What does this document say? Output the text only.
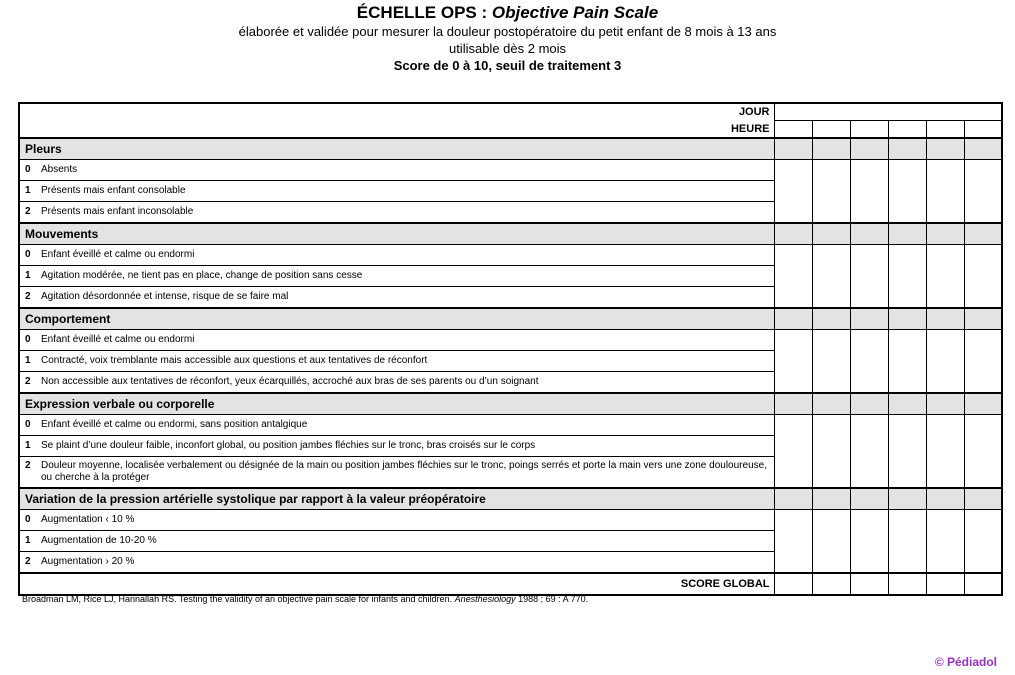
ÉCHELLE OPS : Objective Pain Scale
élaborée et validée pour mesurer la douleur postopératoire du petit enfant de 8 mois à 13 ans
utilisable dès 2 mois
Score de 0 à 10, seuil de traitement 3
JOUR						
HEURE						
Pleurs						
0 Absents						
1 Présents mais enfant consolable						
2 Présents mais enfant inconsolable						
Mouvements						
0 Enfant éveillé et calme ou endormi						
1 Agitation modérée, ne tient pas en place, change de position sans cesse						
2 Agitation désordonnée et intense, risque de se faire mal						
Comportement						
0 Enfant éveillé et calme ou endormi						
1 Contracté, voix tremblante mais accessible aux questions et aux tentatives de réconfort						
2 Non accessible aux tentatives de réconfort, yeux écarquillés, accroché aux bras de ses parents ou d’un soignant						
Expression verbale ou corporelle						
0 Enfant éveillé et calme ou endormi, sans position antalgique						
1 Se plaint d’une douleur faible, inconfort global, ou position jambes fléchies sur le tronc, bras croisés sur le corps						
2 Douleur moyenne, localisée verbalement ou désignée de la main ou position jambes fléchies sur le tronc, poings serrés et porte la main vers une zone douloureuse, ou cherche à la protéger						
Variation de la pression artérielle systolique par rapport à la valeur préopératoire						
0 Augmentation ‹ 10 %						
1 Augmentation de 10-20 %						
2 Augmentation › 20 %						
SCORE GLOBAL						
Broadman LM, Rice LJ, Hannallah RS. Testing the validity of an objective pain scale for infants and children. Anesthesiology 1988 ; 69 : A 770.
© Pédiadol
